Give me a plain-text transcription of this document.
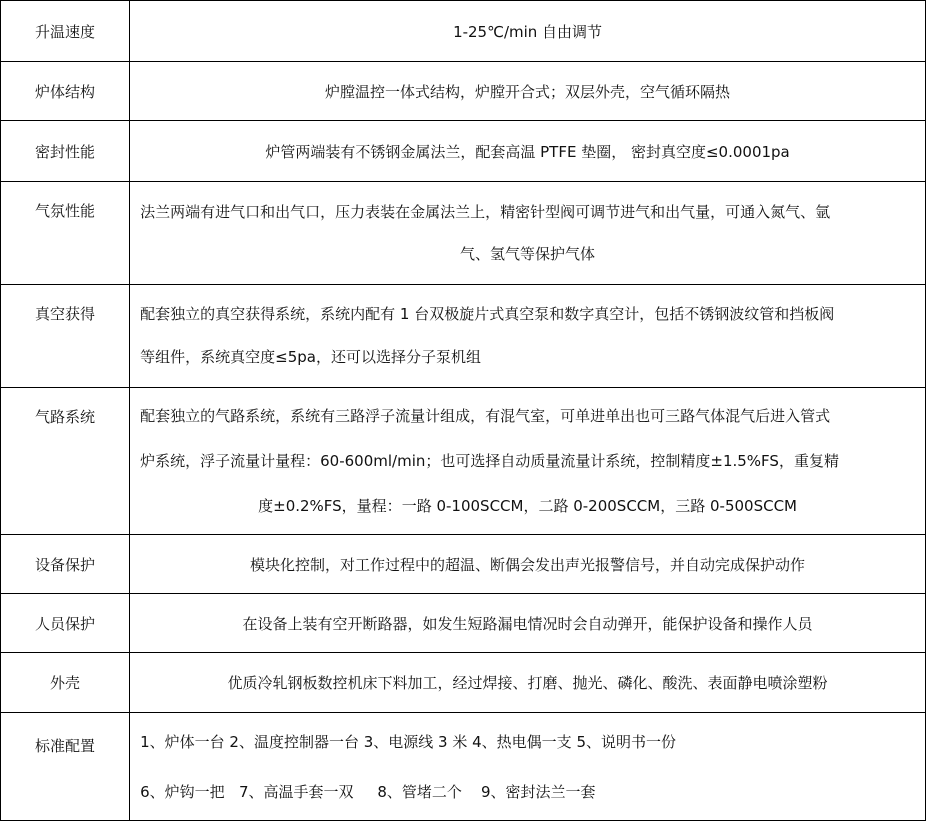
升温速度	1-25℃/min 自由调节

炉体结构	炉膛温控一体式结构，炉膛开合式；双层外壳，空气循环隔热

密封性能	炉管两端装有不锈钢金属法兰，配套高温 PTFE 垫圈， 密封真空度≤0.0001pa

气氛性能	法兰两端有进气口和出气口，压力表装在金属法兰上，精密针型阀可调节进气和出气量，可通入氮气、氩
气、氢气等保护气体

真空获得	配套独立的真空获得系统，系统内配有 1 台双极旋片式真空泵和数字真空计，包括不锈钢波纹管和挡板阀
等组件，系统真空度≤5pa，还可以选择分子泵机组

气路系统	配套独立的气路系统，系统有三路浮子流量计组成，有混气室，可单进单出也可三路气体混气后进入管式
炉系统，浮子流量计量程：60-600ml/min；也可选择自动质量流量计系统，控制精度±1.5%FS，重复精
度±0.2%FS，量程：一路 0-100SCCM，二路 0-200SCCM，三路 0-500SCCM

设备保护	模块化控制，对工作过程中的超温、断偶会发出声光报警信号，并自动完成保护动作

人员保护	在设备上装有空开断路器，如发生短路漏电情况时会自动弹开，能保护设备和操作人员

外壳	优质冷轧钢板数控机床下料加工，经过焊接、打磨、抛光、磷化、酸洗、表面静电喷涂塑粉

标准配置	1、炉体一台 2、温度控制器一台 3、电源线 3 米 4、热电偶一支 5、说明书一份
6、炉钩一把   7、高温手套一双     8、管堵二个    9、密封法兰一套
